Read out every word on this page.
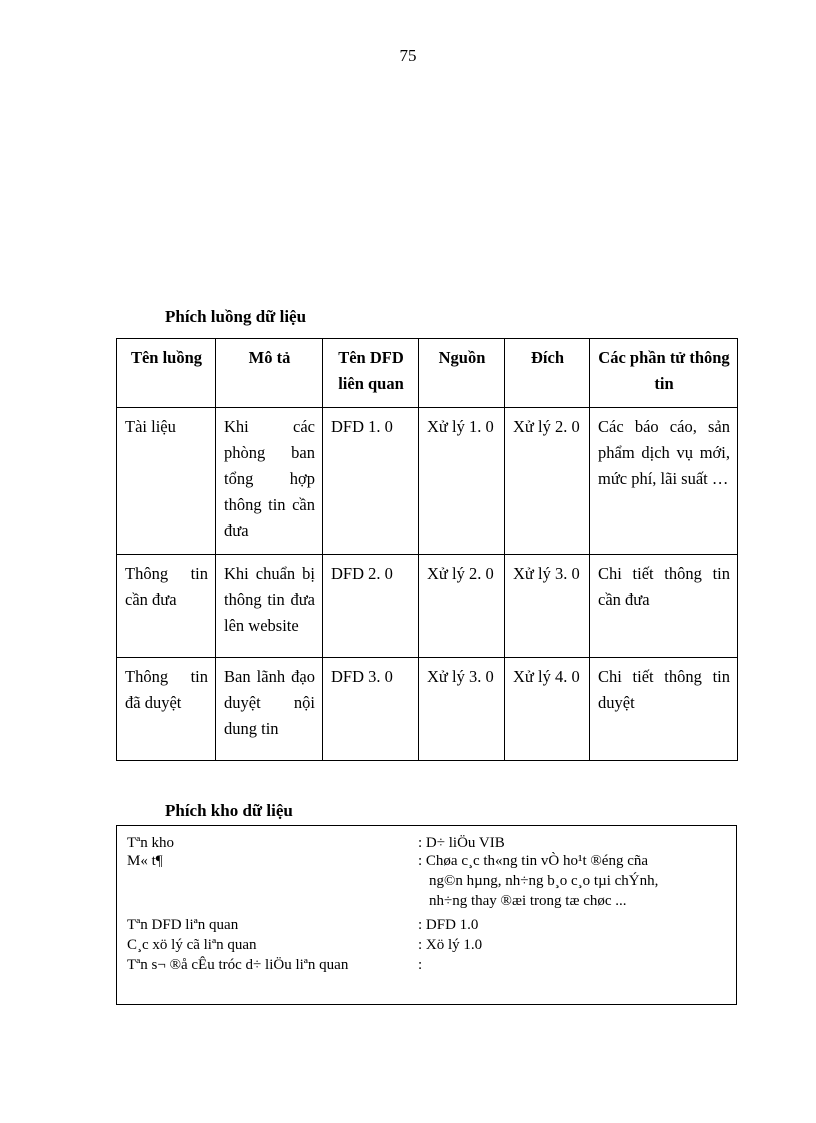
75
Phích luồng dữ liệu
Tên luồng	Mô tả	Tên DFD liên quan	Nguồn	Đích	Các phần tử thông tin
Tài liệu	Khi các phòng ban tổng hợp thông tin cần đưa	DFD 1. 0	Xử lý 1. 0	Xử lý 2. 0	Các báo cáo, sản phẩm dịch vụ mới, mức phí, lãi suất …
Thông tin cần đưa	Khi chuẩn bị thông tin đưa lên website	DFD 2. 0	Xử lý 2. 0	Xử lý 3. 0	Chi tiết thông tin cần đưa
Thông tin đã duyệt	Ban lãnh đạo duyệt nội dung tin	DFD 3. 0	Xử lý 3. 0	Xử lý 4. 0	Chi tiết thông tin duyệt
Phích kho dữ liệu
Tªn kho	: D÷ liÖu VIB
M« t¶	: Chøa c¸c th«ng tin vÒ ho¹t ®éng cña
ng©n hµng, nh÷ng b¸o c¸o tµi chÝnh,
nh÷ng thay ®æi trong tæ chøc ...
Tªn DFD liªn quan	: DFD 1.0
C¸c xö lý cã liªn quan	: Xö lý 1.0
Tªn s¬ ®å cÊu tróc d÷ liÖu liªn quan	:
